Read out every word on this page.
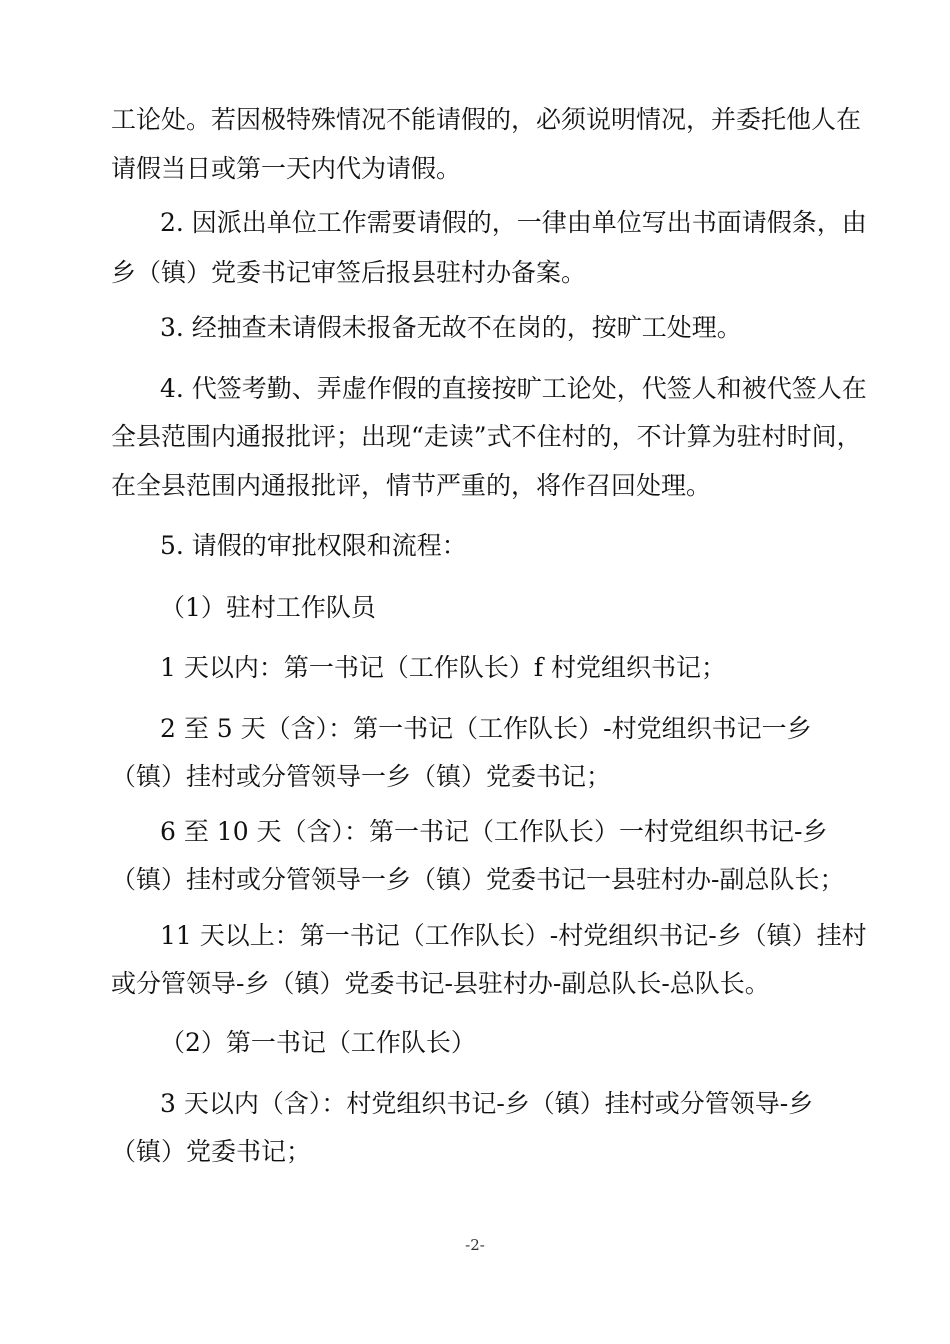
工论处。若因极特殊情况不能请假的，必须说明情况，并委托他人在

请假当日或第一天内代为请假。

2. 因派出单位工作需要请假的，一律由单位写出书面请假条，由

乡（镇）党委书记审签后报县驻村办备案。

3. 经抽查未请假未报备无故不在岗的，按旷工处理。

4. 代签考勤、弄虚作假的直接按旷工论处，代签人和被代签人在

全县范围内通报批评；出现“走读”式不住村的，不计算为驻村时间，

在全县范围内通报批评，情节严重的，将作召回处理。

5. 请假的审批权限和流程：

（1）驻村工作队员

1 天以内：第一书记（工作队长）f 村党组织书记；

2 至 5 天（含）：第一书记（工作队长）-村党组织书记一乡

（镇）挂村或分管领导一乡（镇）党委书记；

6 至 10 天（含）：第一书记（工作队长）一村党组织书记-乡

（镇）挂村或分管领导一乡（镇）党委书记一县驻村办-副总队长；

11 天以上：第一书记（工作队长）-村党组织书记-乡（镇）挂村

或分管领导-乡（镇）党委书记-县驻村办-副总队长-总队长。

（2）第一书记（工作队长）

3 天以内（含）：村党组织书记-乡（镇）挂村或分管领导-乡

（镇）党委书记；

-2-
